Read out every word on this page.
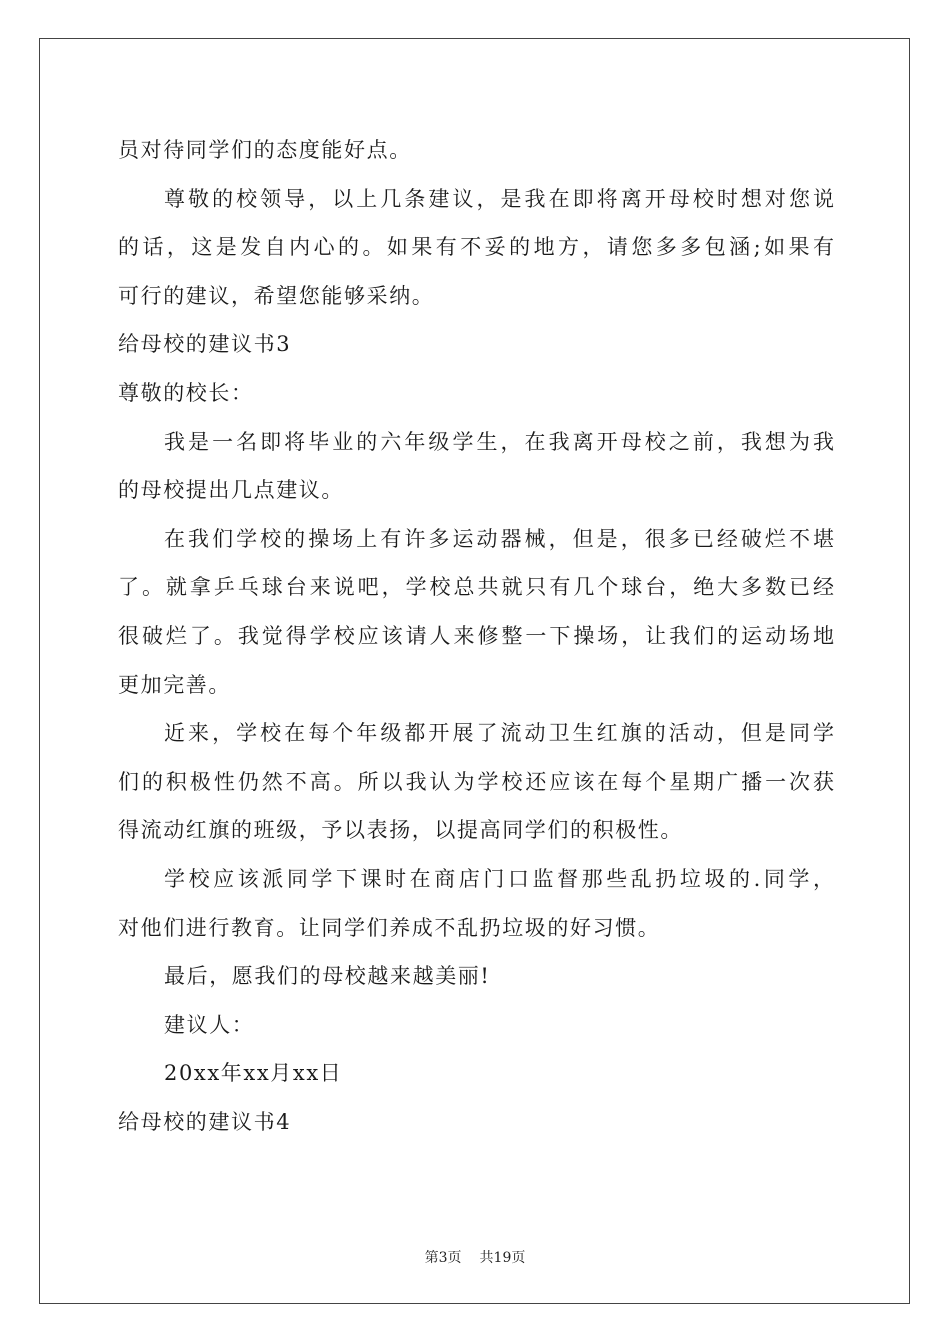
员对待同学们的态度能好点。
尊敬的校领导，以上几条建议，是我在即将离开母校时想对您说
的话，这是发自内心的。如果有不妥的地方，请您多多包涵;如果有
可行的建议，希望您能够采纳。
给母校的建议书3
尊敬的校长：
我是一名即将毕业的六年级学生，在我离开母校之前，我想为我
的母校提出几点建议。
在我们学校的操场上有许多运动器械，但是，很多已经破烂不堪
了。就拿乒乓球台来说吧，学校总共就只有几个球台，绝大多数已经
很破烂了。我觉得学校应该请人来修整一下操场，让我们的运动场地
更加完善。
近来，学校在每个年级都开展了流动卫生红旗的活动，但是同学
们的积极性仍然不高。所以我认为学校还应该在每个星期广播一次获
得流动红旗的班级，予以表扬，以提高同学们的积极性。
学校应该派同学下课时在商店门口监督那些乱扔垃圾的.同学，
对他们进行教育。让同学们养成不乱扔垃圾的好习惯。
最后，愿我们的母校越来越美丽!
建议人：
20xx年xx月xx日
给母校的建议书4
第3页 共19页
